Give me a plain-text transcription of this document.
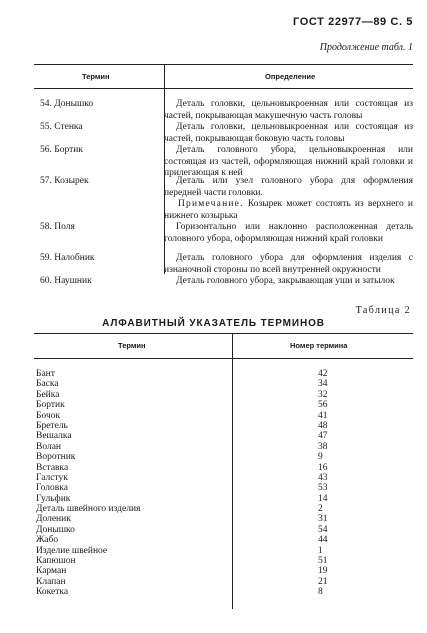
ГОСТ 22977—89 С. 5
Продолжение табл. 1
Термин	Определение
54. Донышко	Деталь головки, цельновыкроенная или состоящая из частей, покрывающая макушечную часть головы
55. Стенка	Деталь головки, цельновыкроенная или состоящая из частей, покрывающая боковую часть головы
56. Бортик	Деталь головного убора, цельновыкроенная или состоящая из частей, оформляющая нижний край головки и прилегающая к ней
57. Козырек	Деталь или узел головного убора для оформления передней части головки.
Примечание. Козырек может состоять из верхнего и нижнего козырька
58. Поля	Горизонтально или наклонно расположенная деталь головного убора, оформляющая нижний край головки
59. Налобник	Деталь головного убора для оформления изделия с изнаночной стороны по всей внутренней окружности
60. Наушник	Деталь головного убора, закрывающая уши и затылок
Таблица 2
АЛФАВИТНЫЙ УКАЗАТЕЛЬ ТЕРМИНОВ
Термин	Номер термина
Бант	42
Баска	34
Бейка	32
Бортик	56
Бочок	41
Бретель	48
Вешалка	47
Волан	38
Воротник	9
Вставка	16
Галстук	43
Головка	53
Гульфик	14
Деталь швейного изделия	2
Доленик	31
Донышко	54
Жабо	44
Изделие швейное	1
Капюшон	51
Карман	19
Клапан	21
Кокетка	8
